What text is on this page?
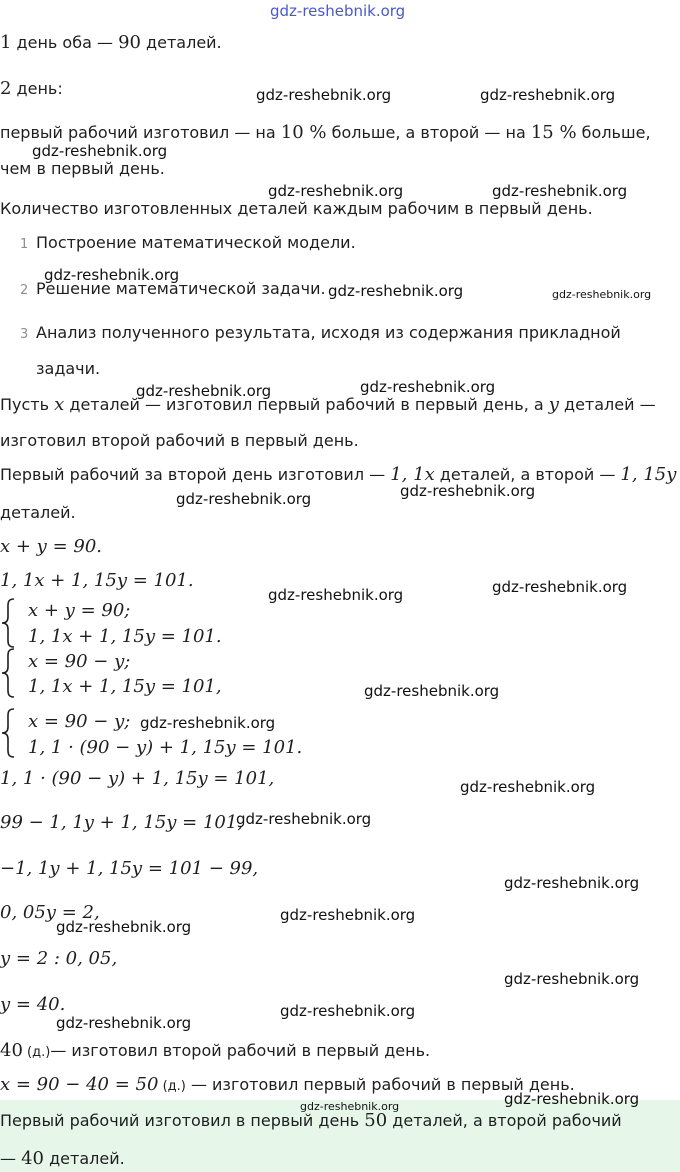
1 день оба — 90 деталей.
2 день:
первый рабочий изготовил — на 10 % больше, а второй — на 15 % больше,
чем в первый день.
Количество изготовленных деталей каждым рабочим в первый день.
1 Построение математической модели.
2 Решение математической задачи.
3 Анализ полученного результата, исходя из содержания прикладной
задачи.
Пусть x деталей — изготовил первый рабочий в первый день, а y деталей —
изготовил второй рабочий в первый день.
Первый рабочий за второй день изготовил — 1, 1x деталей, а второй — 1, 15y
деталей.
x + y = 90.
1, 1x + 1, 15y = 101.
x + y = 90;
1, 1x + 1, 15y = 101.
x = 90 − y;
1, 1x + 1, 15y = 101,
x = 90 − y;
1, 1 · (90 − y) + 1, 15y = 101.
1, 1 · (90 − y) + 1, 15y = 101,
99 − 1, 1y + 1, 15y = 101,
−1, 1y + 1, 15y = 101 − 99,
0, 05y = 2,
y = 2 : 0, 05,
y = 40.
40 (д.)— изготовил второй рабочий в первый день.
x = 90 − 40 = 50 (д.) — изготовил первый рабочий в первый день.
Первый рабочий изготовил в первый день 50 деталей, а второй рабочий
— 40 деталей.
gdz-reshebnik.org
gdz-reshebnik.org	gdz-reshebnik.org
gdz-reshebnik.org
gdz-reshebnik.org	gdz-reshebnik.org
gdz-reshebnik.org
gdz-reshebnik.org	gdz-reshebnik.org
gdz-reshebnik.org	gdz-reshebnik.org
gdz-reshebnik.org
gdz-reshebnik.org
gdz-reshebnik.org
gdz-reshebnik.org
gdz-reshebnik.org
gdz-reshebnik.org
gdz-reshebnik.org
gdz-reshebnik.org
gdz-reshebnik.org
gdz-reshebnik.org
gdz-reshebnik.org
gdz-reshebnik.org
gdz-reshebnik.org
gdz-reshebnik.org
gdz-reshebnik.org
gdz-reshebnik.org
